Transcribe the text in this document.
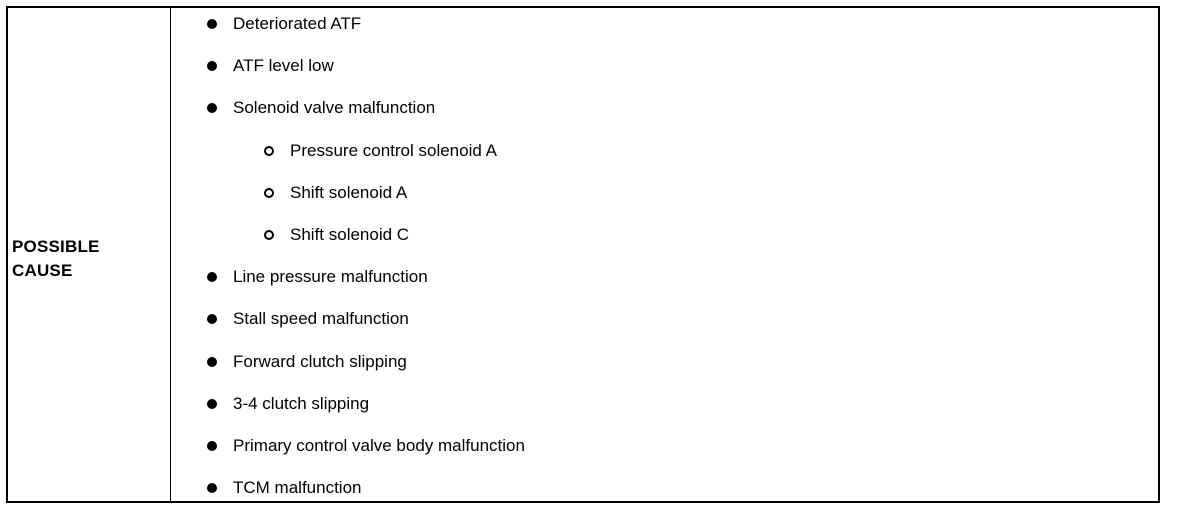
POSSIBLE
CAUSE
Deteriorated ATF
ATF level low
Solenoid valve malfunction
Pressure control solenoid A
Shift solenoid A
Shift solenoid C
Line pressure malfunction
Stall speed malfunction
Forward clutch slipping
3-4 clutch slipping
Primary control valve body malfunction
TCM malfunction
